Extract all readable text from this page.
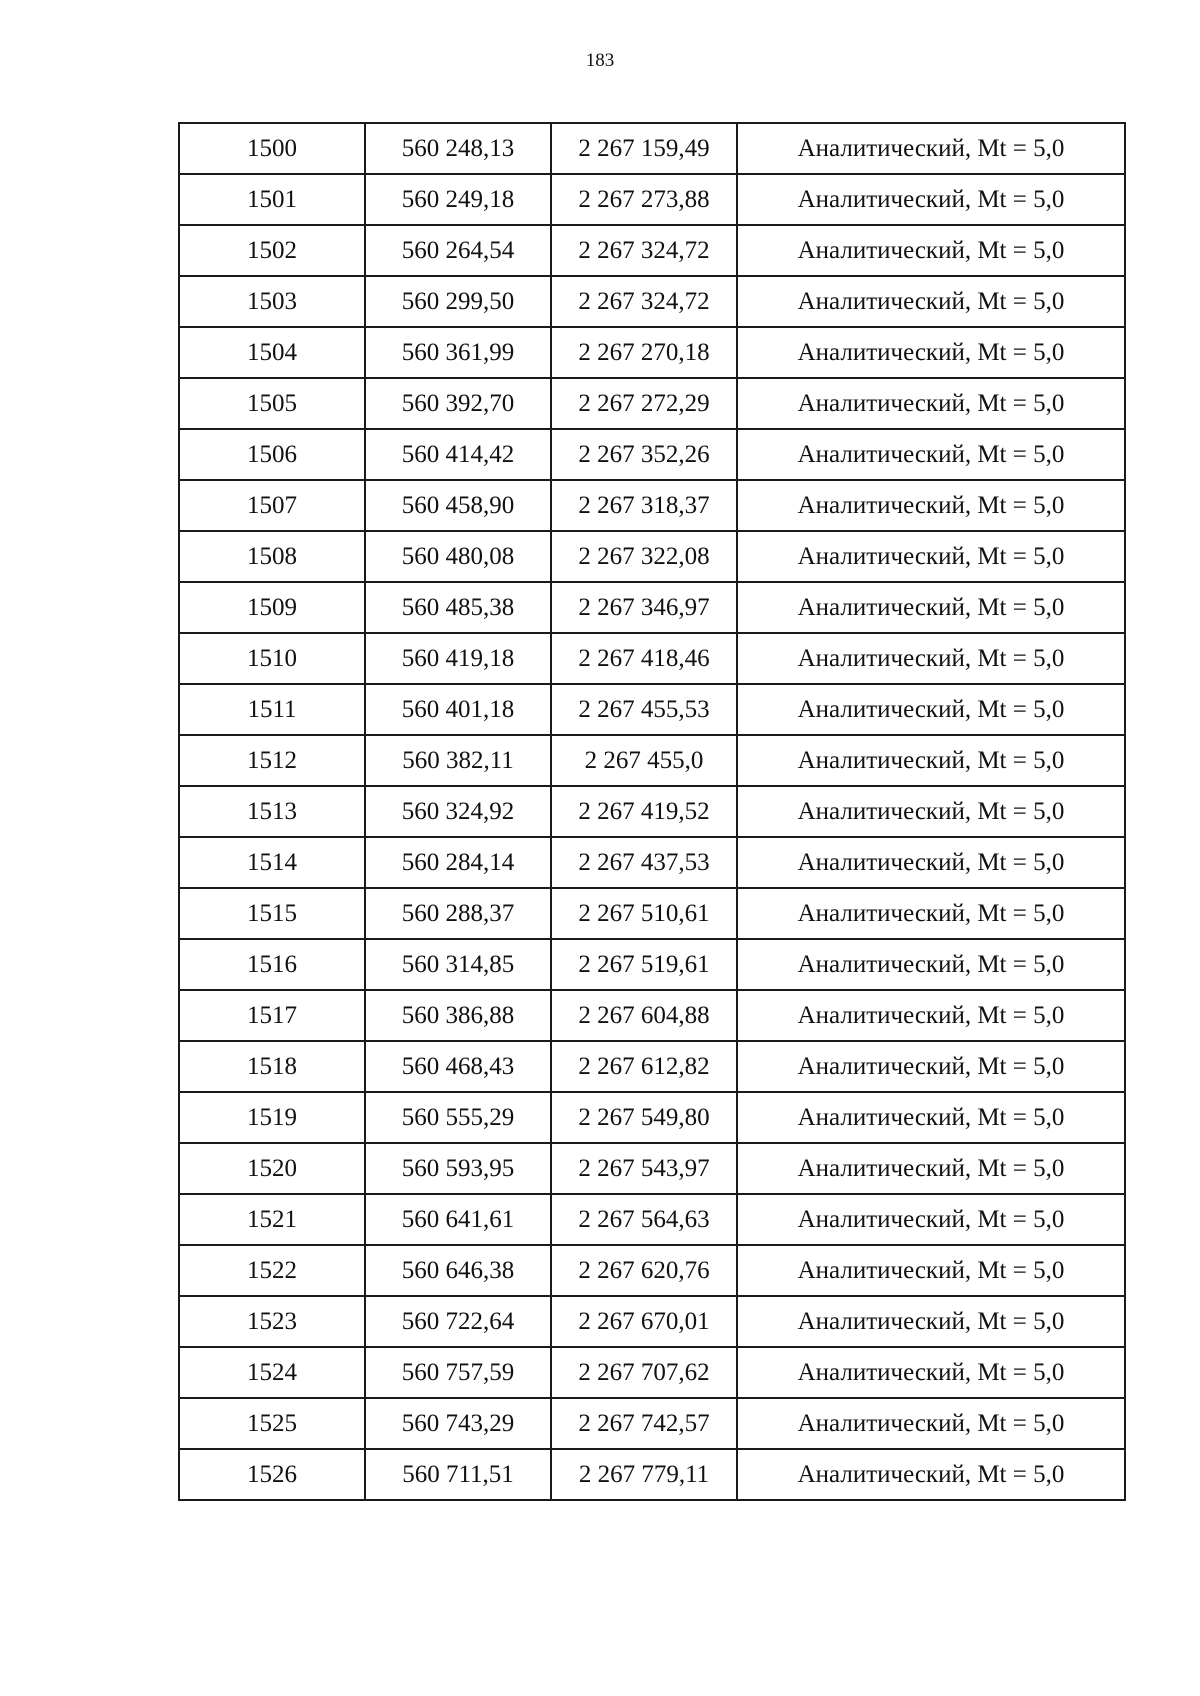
183
1500	560 248,13	2 267 159,49	Аналитический, Mt = 5,0
1501	560 249,18	2 267 273,88	Аналитический, Mt = 5,0
1502	560 264,54	2 267 324,72	Аналитический, Mt = 5,0
1503	560 299,50	2 267 324,72	Аналитический, Mt = 5,0
1504	560 361,99	2 267 270,18	Аналитический, Mt = 5,0
1505	560 392,70	2 267 272,29	Аналитический, Mt = 5,0
1506	560 414,42	2 267 352,26	Аналитический, Mt = 5,0
1507	560 458,90	2 267 318,37	Аналитический, Mt = 5,0
1508	560 480,08	2 267 322,08	Аналитический, Mt = 5,0
1509	560 485,38	2 267 346,97	Аналитический, Mt = 5,0
1510	560 419,18	2 267 418,46	Аналитический, Mt = 5,0
1511	560 401,18	2 267 455,53	Аналитический, Mt = 5,0
1512	560 382,11	2 267 455,0	Аналитический, Mt = 5,0
1513	560 324,92	2 267 419,52	Аналитический, Mt = 5,0
1514	560 284,14	2 267 437,53	Аналитический, Mt = 5,0
1515	560 288,37	2 267 510,61	Аналитический, Mt = 5,0
1516	560 314,85	2 267 519,61	Аналитический, Mt = 5,0
1517	560 386,88	2 267 604,88	Аналитический, Mt = 5,0
1518	560 468,43	2 267 612,82	Аналитический, Mt = 5,0
1519	560 555,29	2 267 549,80	Аналитический, Mt = 5,0
1520	560 593,95	2 267 543,97	Аналитический, Mt = 5,0
1521	560 641,61	2 267 564,63	Аналитический, Mt = 5,0
1522	560 646,38	2 267 620,76	Аналитический, Mt = 5,0
1523	560 722,64	2 267 670,01	Аналитический, Mt = 5,0
1524	560 757,59	2 267 707,62	Аналитический, Mt = 5,0
1525	560 743,29	2 267 742,57	Аналитический, Mt = 5,0
1526	560 711,51	2 267 779,11	Аналитический, Mt = 5,0
